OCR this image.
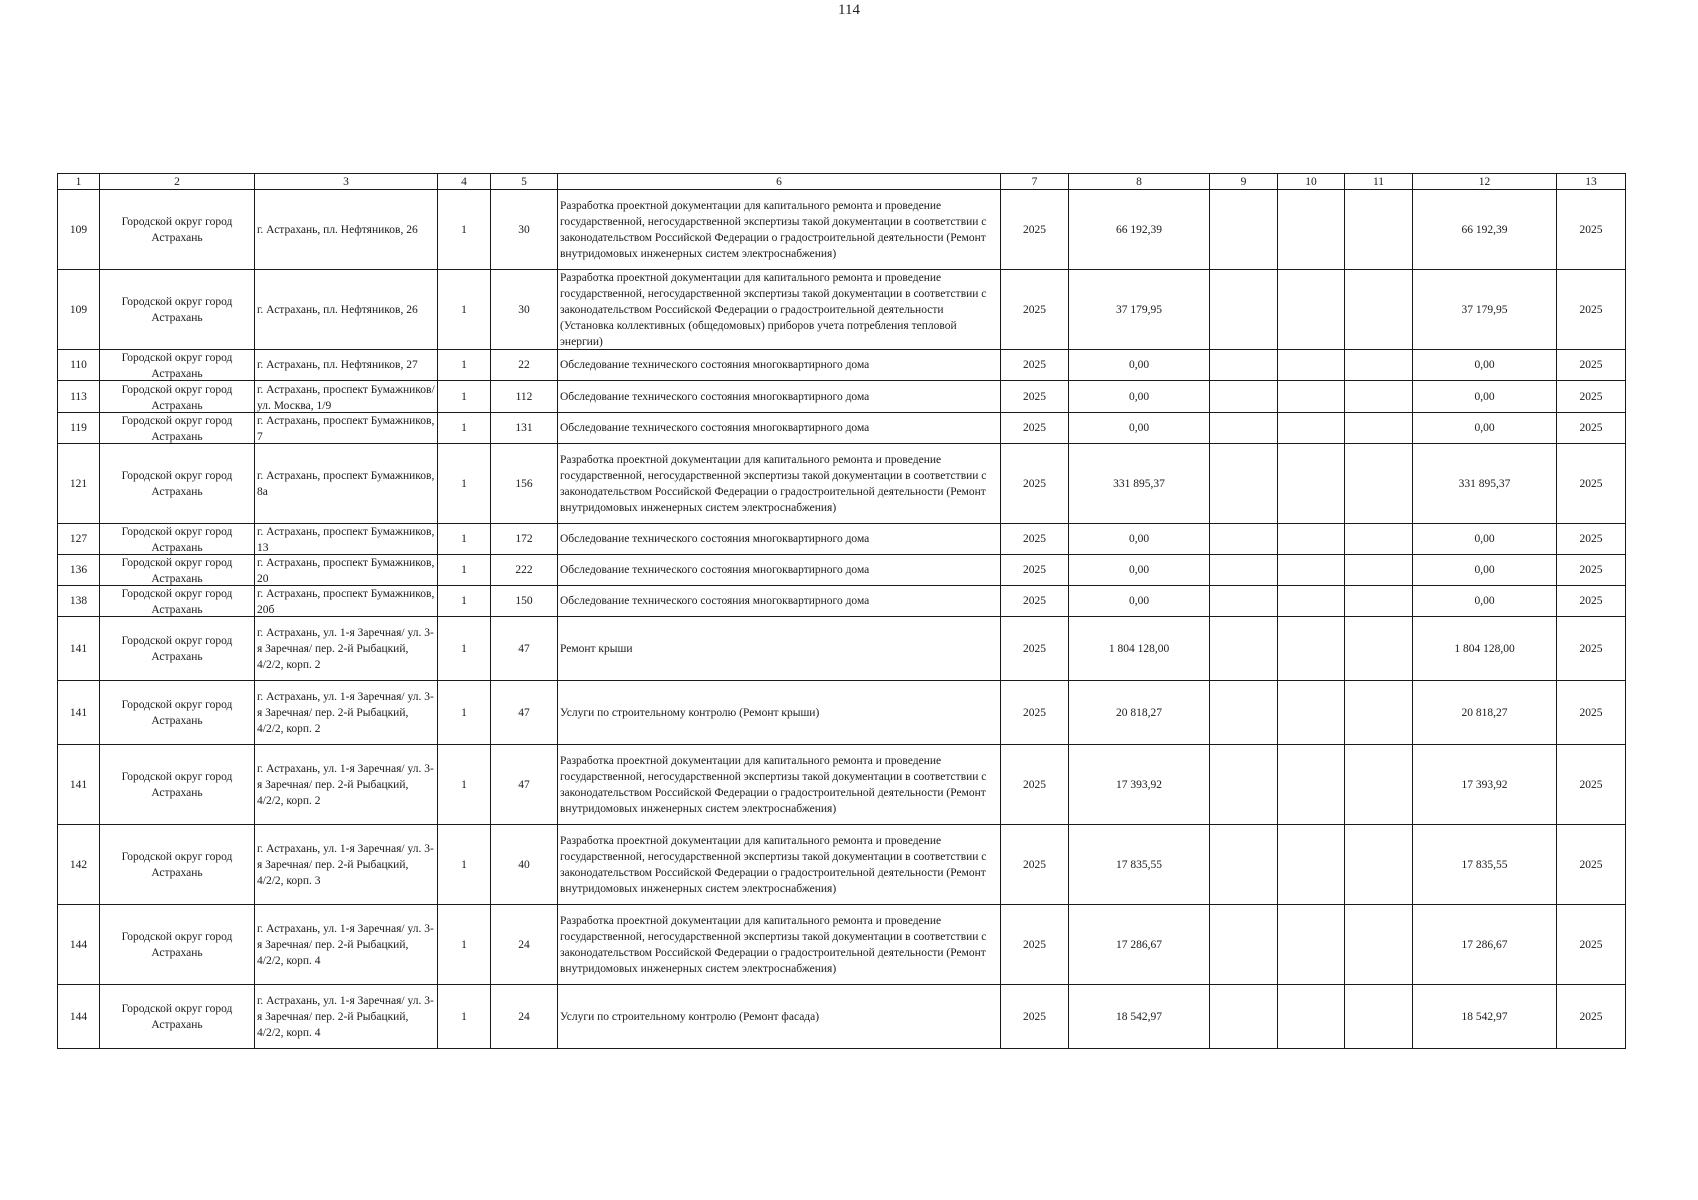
114
1	2	3	4	5	6	7	8	9	10	11	12	13

109	Городской округ город Астрахань	г. Астрахань, пл. Нефтяников, 26	1	30	Разработка проектной документации для капитального ремонта и проведение государственной, негосударственной экспертизы такой документации в соответствии с законодательством Российской Федерации о градостроительной деятельности (Ремонт внутридомовых инженерных систем электроснабжения)	2025	66 192,39				66 192,39	2025

109	Городской округ город Астрахань	г. Астрахань, пл. Нефтяников, 26	1	30	Разработка проектной документации для капитального ремонта и проведение государственной, негосударственной экспертизы такой документации в соответствии с законодательством Российской Федерации о градостроительной деятельности (Установка коллективных (общедомовых) приборов учета потребления тепловой энергии)	2025	37 179,95				37 179,95	2025

110	Городской округ город Астрахань	г. Астрахань, пл. Нефтяников, 27	1	22	Обследование технического состояния многоквартирного дома	2025	0,00				0,00	2025

113	Городской округ город Астрахань	г. Астрахань, проспект Бумажников/ ул. Москва, 1/9	1	112	Обследование технического состояния многоквартирного дома	2025	0,00				0,00	2025

119	Городской округ город Астрахань	г. Астрахань, проспект Бумажников, 7	1	131	Обследование технического состояния многоквартирного дома	2025	0,00				0,00	2025

121	Городской округ город Астрахань	г. Астрахань, проспект Бумажников, 8а	1	156	Разработка проектной документации для капитального ремонта и проведение государственной, негосударственной экспертизы такой документации в соответствии с законодательством Российской Федерации о градостроительной деятельности (Ремонт внутридомовых инженерных систем электроснабжения)	2025	331 895,37				331 895,37	2025

127	Городской округ город Астрахань	г. Астрахань, проспект Бумажников, 13	1	172	Обследование технического состояния многоквартирного дома	2025	0,00				0,00	2025

136	Городской округ город Астрахань	г. Астрахань, проспект Бумажников, 20	1	222	Обследование технического состояния многоквартирного дома	2025	0,00				0,00	2025

138	Городской округ город Астрахань	г. Астрахань, проспект Бумажников, 20б	1	150	Обследование технического состояния многоквартирного дома	2025	0,00				0,00	2025

141	Городской округ город Астрахань	г. Астрахань, ул. 1-я Заречная/ ул. 3-я Заречная/ пер. 2-й Рыбацкий, 4/2/2, корп. 2	1	47	Ремонт крыши	2025	1 804 128,00				1 804 128,00	2025

141	Городской округ город Астрахань	г. Астрахань, ул. 1-я Заречная/ ул. 3-я Заречная/ пер. 2-й Рыбацкий, 4/2/2, корп. 2	1	47	Услуги по строительному контролю (Ремонт крыши)	2025	20 818,27				20 818,27	2025

141	Городской округ город Астрахань	г. Астрахань, ул. 1-я Заречная/ ул. 3-я Заречная/ пер. 2-й Рыбацкий, 4/2/2, корп. 2	1	47	Разработка проектной документации для капитального ремонта и проведение государственной, негосударственной экспертизы такой документации в соответствии с законодательством Российской Федерации о градостроительной деятельности (Ремонт внутридомовых инженерных систем электроснабжения)	2025	17 393,92				17 393,92	2025

142	Городской округ город Астрахань	г. Астрахань, ул. 1-я Заречная/ ул. 3-я Заречная/ пер. 2-й Рыбацкий, 4/2/2, корп. 3	1	40	Разработка проектной документации для капитального ремонта и проведение государственной, негосударственной экспертизы такой документации в соответствии с законодательством Российской Федерации о градостроительной деятельности (Ремонт внутридомовых инженерных систем электроснабжения)	2025	17 835,55				17 835,55	2025

144	Городской округ город Астрахань	г. Астрахань, ул. 1-я Заречная/ ул. 3-я Заречная/ пер. 2-й Рыбацкий, 4/2/2, корп. 4	1	24	Разработка проектной документации для капитального ремонта и проведение государственной, негосударственной экспертизы такой документации в соответствии с законодательством Российской Федерации о градостроительной деятельности (Ремонт внутридомовых инженерных систем электроснабжения)	2025	17 286,67				17 286,67	2025

144	Городской округ город Астрахань	г. Астрахань, ул. 1-я Заречная/ ул. 3-я Заречная/ пер. 2-й Рыбацкий, 4/2/2, корп. 4	1	24	Услуги по строительному контролю (Ремонт фасада)	2025	18 542,97				18 542,97	2025
